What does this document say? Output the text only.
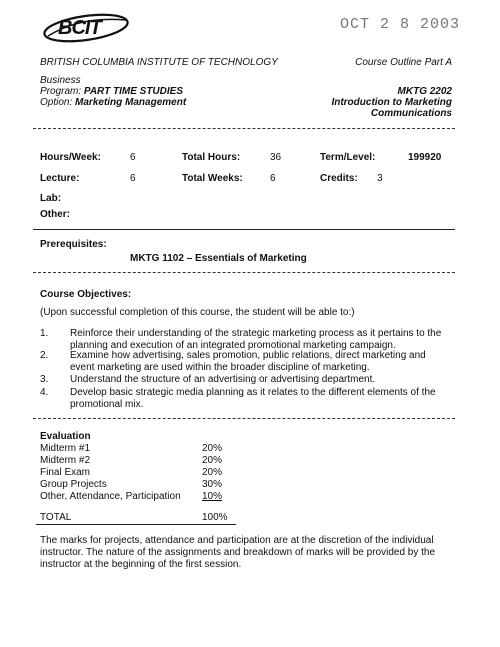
BCIT	OCT 2 8 2003
BRITISH COLUMBIA INSTITUTE OF TECHNOLOGY	Course Outline Part A
Business
Program: PART TIME STUDIES	MKTG 2202
Option: Marketing Management	Introduction to Marketing
Communications
Hours/Week:	6	Total Hours:	36	Term/Level:	199920
Lecture:	6	Total Weeks:	6	Credits: 3
Lab:
Other:
Prerequisites:
MKTG 1102 – Essentials of Marketing
Course Objectives:
(Upon successful completion of this course, the student will be able to:)
1. Reinforce their understanding of the strategic marketing process as it pertains to the planning and execution of an integrated promotional marketing campaign.
2. Examine how advertising, sales promotion, public relations, direct marketing and event marketing are used within the broader discipline of marketing.
3. Understand the structure of an advertising or advertising department.
4. Develop basic strategic media planning as it relates to the different elements of the promotional mix.
Evaluation	
Midterm #1	20%
Midterm #2	20%
Final Exam	20%
Group Projects	30%
Other, Attendance, Participation	10%
TOTAL	100%
The marks for projects, attendance and participation are at the discretion of the individual instructor. The nature of the assignments and breakdown of marks will be provided by the instructor at the beginning of the first session.
